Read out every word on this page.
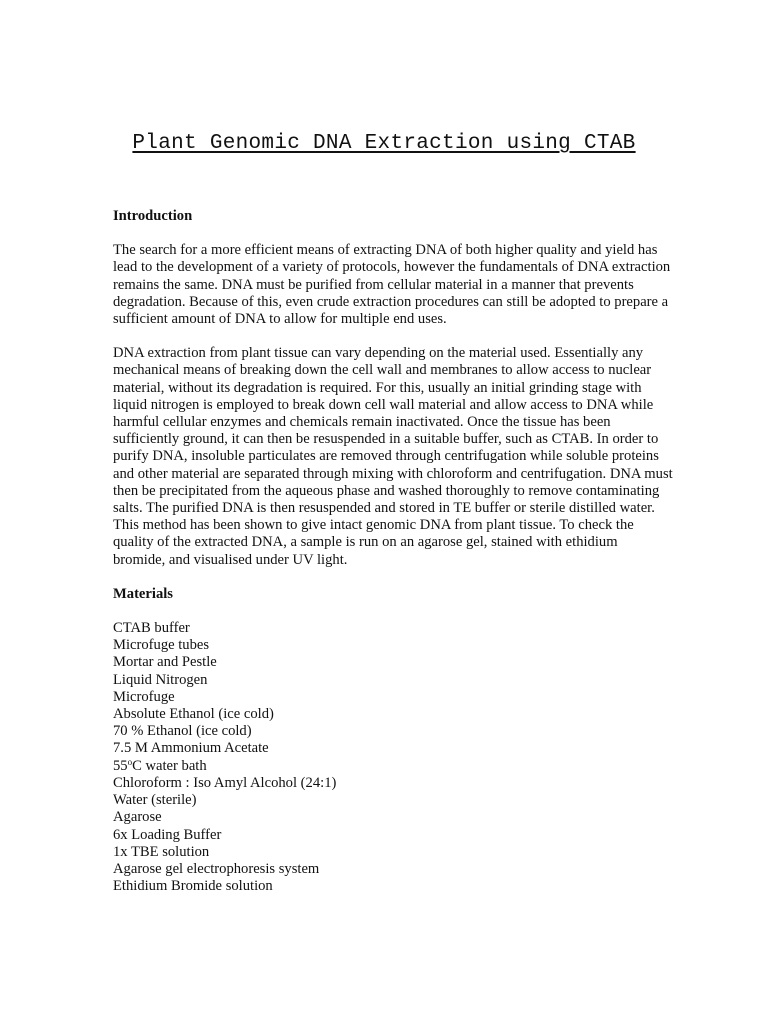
Plant Genomic DNA Extraction using CTAB
Introduction

The search for a more efficient means of extracting DNA of both higher quality and yield has lead to the development of a variety of protocols, however the fundamentals of DNA extraction remains the same. DNA must be purified from cellular material in a manner that prevents degradation. Because of this, even crude extraction procedures can still be adopted to prepare a sufficient amount of DNA to allow for multiple end uses.

DNA extraction from plant tissue can vary depending on the material used. Essentially any mechanical means of breaking down the cell wall and membranes to allow access to nuclear material, without its degradation is required. For this, usually an initial grinding stage with liquid nitrogen is employed to break down cell wall material and allow access to DNA while harmful cellular enzymes and chemicals remain inactivated. Once the tissue has been sufficiently ground, it can then be resuspended in a suitable buffer, such as CTAB. In order to purify DNA, insoluble particulates are removed through centrifugation while soluble proteins and other material are separated through mixing with chloroform and centrifugation. DNA must then be precipitated from the aqueous phase and washed thoroughly to remove contaminating salts. The purified DNA is then resuspended and stored in TE buffer or sterile distilled water. This method has been shown to give intact genomic DNA from plant tissue. To check the quality of the extracted DNA, a sample is run on an agarose gel, stained with ethidium bromide, and visualised under UV light.

Materials
CTAB buffer
Microfuge tubes
Mortar and Pestle
Liquid Nitrogen
Microfuge
Absolute Ethanol (ice cold)
70 % Ethanol (ice cold)
7.5 M Ammonium Acetate
55$^o$C water bath
Chloroform : Iso Amyl Alcohol (24:1)
Water (sterile)
Agarose
6x Loading Buffer
1x TBE solution
Agarose gel electrophoresis system
Ethidium Bromide solution
